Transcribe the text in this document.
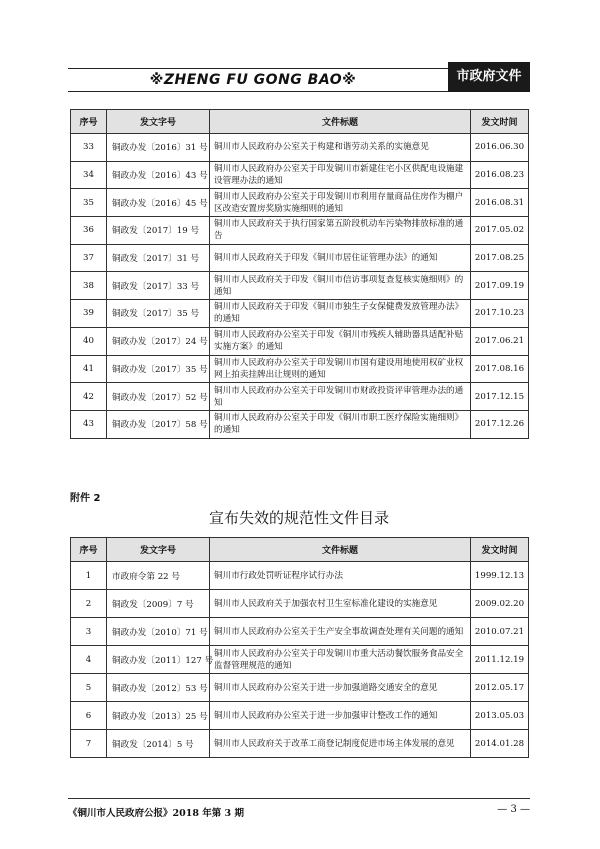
※ZHENG FU GONG BAO※	市政府文件
序号	发文字号	文件标题	发文时间
33	铜政办发〔2016〕31 号	铜川市人民政府办公室关于构建和谐劳动关系的实施意见	2016.06.30
34	铜政办发〔2016〕43 号	铜川市人民政府办公室关于印发铜川市新建住宅小区供配电设施建设管理办法的通知	2016.08.23
35	铜政办发〔2016〕45 号	铜川市人民政府办公室关于印发铜川市利用存量商品住房作为棚户区改造安置房奖励实施细则的通知	2016.08.31
36	铜政发〔2017〕19 号	铜川市人民政府关于执行国家第五阶段机动车污染物排放标准的通告	2017.05.02
37	铜政发〔2017〕31 号	铜川市人民政府关于印发《铜川市居住证管理办法》的通知	2017.08.25
38	铜政发〔2017〕33 号	铜川市人民政府关于印发《铜川市信访事项复查复核实施细则》的通知	2017.09.19
39	铜政发〔2017〕35 号	铜川市人民政府关于印发《铜川市独生子女保健费发放管理办法》的通知	2017.10.23
40	铜政办发〔2017〕24 号	铜川市人民政府办公室关于印发《铜川市残疾人辅助器具适配补贴实施方案》的通知	2017.06.21
41	铜政办发〔2017〕35 号	铜川市人民政府办公室关于印发铜川市国有建设用地使用权矿业权网上拍卖挂牌出让规则的通知	2017.08.16
42	铜政办发〔2017〕52 号	铜川市人民政府办公室关于印发铜川市财政投资评审管理办法的通知	2017.12.15
43	铜政办发〔2017〕58 号	铜川市人民政府办公室关于印发《铜川市职工医疗保险实施细则》的通知	2017.12.26
附件 2
宣布失效的规范性文件目录
序号	发文字号	文件标题	发文时间
1	市政府令第 22 号	铜川市行政处罚听证程序试行办法	1999.12.13
2	铜政发〔2009〕7 号	铜川市人民政府关于加强农村卫生室标准化建设的实施意见	2009.02.20
3	铜政办发〔2010〕71 号	铜川市人民政府办公室关于生产安全事故调查处理有关问题的通知	2010.07.21
4	铜政办发〔2011〕127 号	铜川市人民政府办公室关于印发铜川市重大活动餐饮服务食品安全监督管理规范的通知	2011.12.19
5	铜政办发〔2012〕53 号	铜川市人民政府办公室关于进一步加强道路交通安全的意见	2012.05.17
6	铜政办发〔2013〕25 号	铜川市人民政府办公室关于进一步加强审计整改工作的通知	2013.05.03
7	铜政发〔2014〕5 号	铜川市人民政府关于改革工商登记制度促进市场主体发展的意见	2014.01.28
《铜川市人民政府公报》2018 年第 3 期	— 3 —
